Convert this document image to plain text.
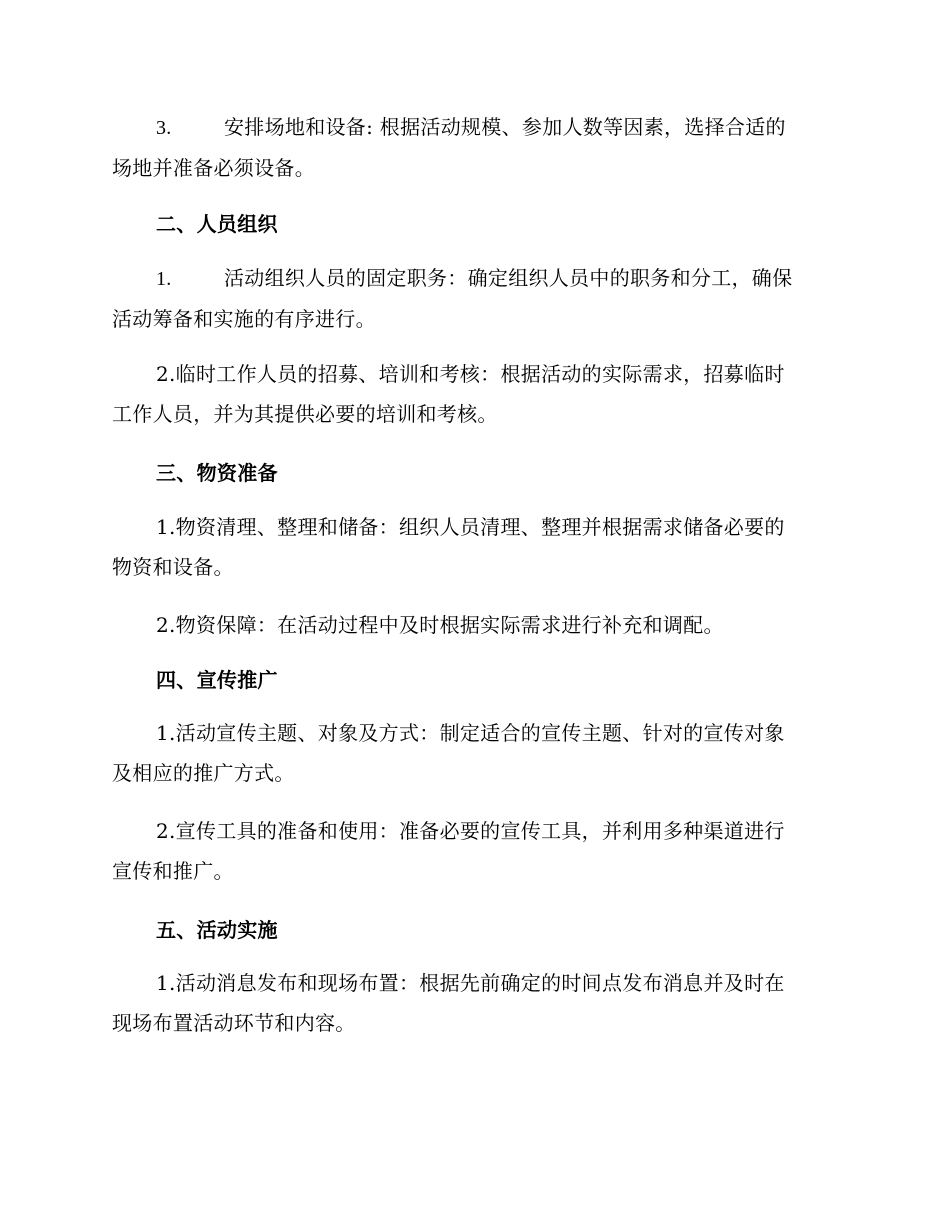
3.	安排场地和设备: 根据活动规模、参加人数等因素，选择合适的
场地并准备必须设备。
二、人员组织
1.	活动组织人员的固定职务：确定组织人员中的职务和分工，确保
活动筹备和实施的有序进行。
2.临时工作人员的招募、培训和考核：根据活动的实际需求，招募临时
工作人员，并为其提供必要的培训和考核。
三、物资准备
1.物资清理、整理和储备：组织人员清理、整理并根据需求储备必要的
物资和设备。
2.物资保障：在活动过程中及时根据实际需求进行补充和调配。
四、宣传推广
1.活动宣传主题、对象及方式：制定适合的宣传主题、针对的宣传对象
及相应的推广方式。
2.宣传工具的准备和使用：准备必要的宣传工具，并利用多种渠道进行
宣传和推广。
五、活动实施
1.活动消息发布和现场布置：根据先前确定的时间点发布消息并及时在
现场布置活动环节和内容。
